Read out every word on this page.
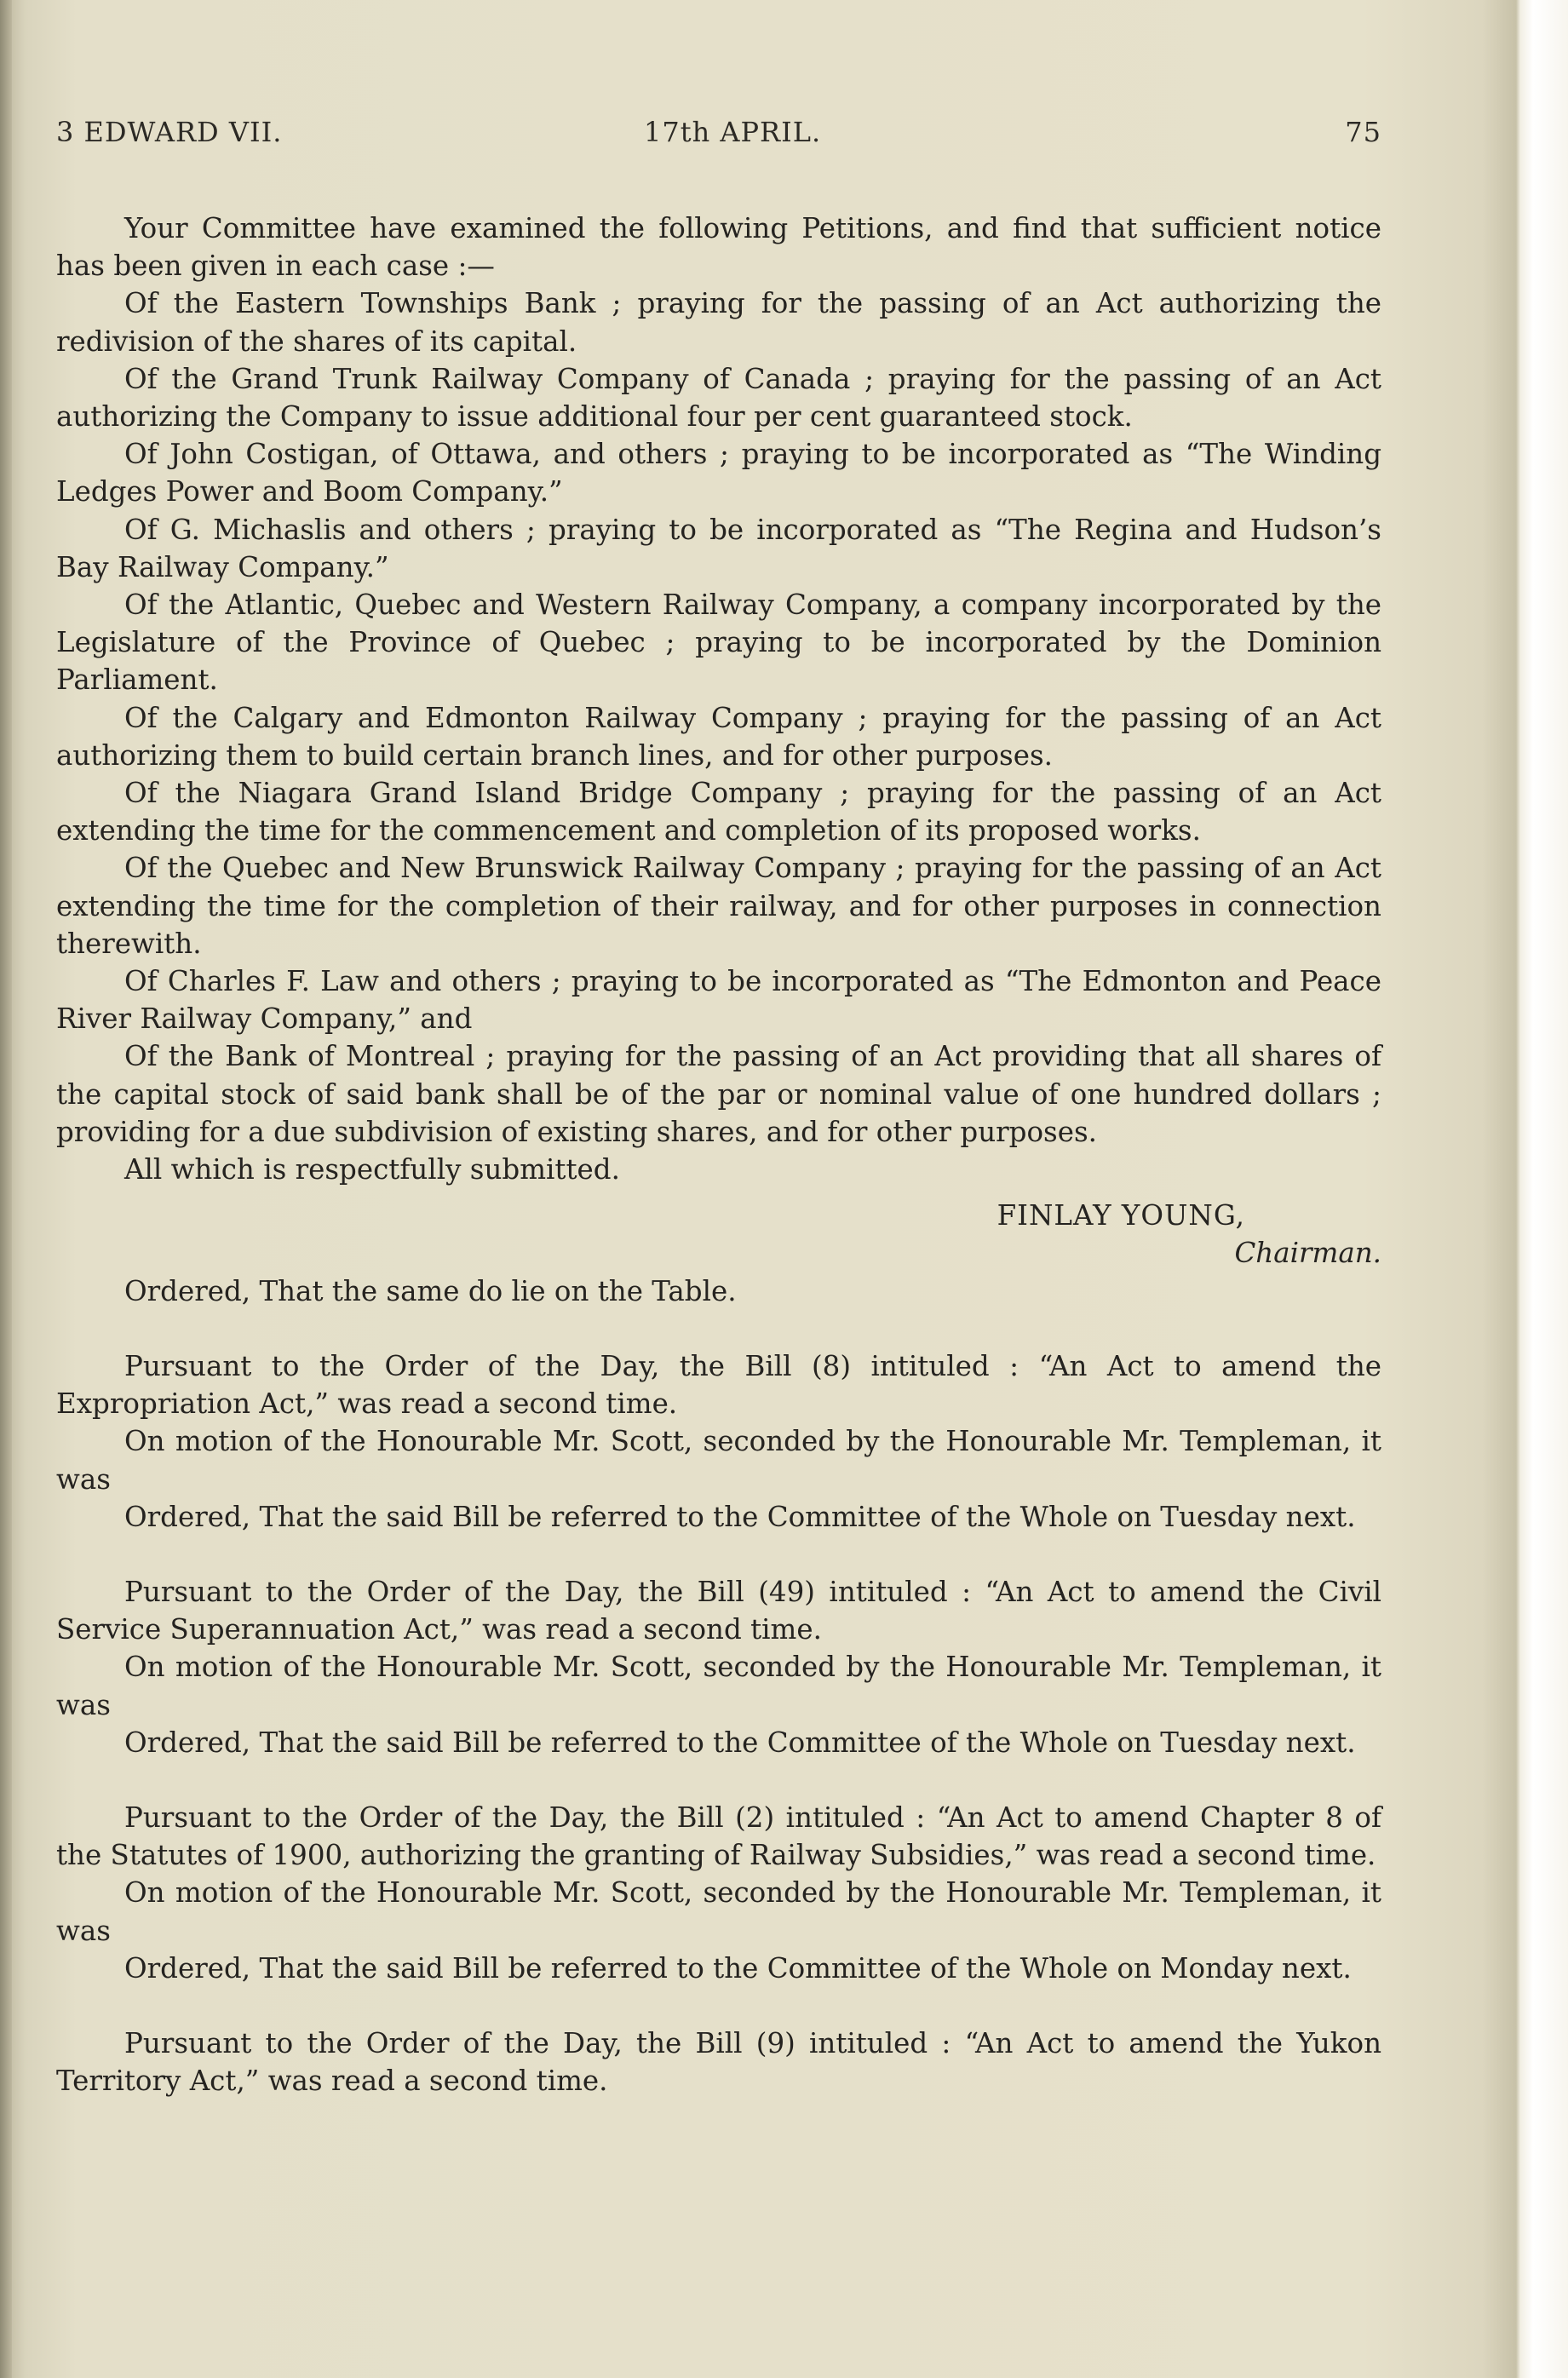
3 EDWARD VII.	17th APRIL.	75

Your Committee have examined the following Petitions, and find that sufficient notice has been given in each case :—

Of the Eastern Townships Bank ; praying for the passing of an Act authorizing the redivision of the shares of its capital.

Of the Grand Trunk Railway Company of Canada ; praying for the passing of an Act authorizing the Company to issue additional four per cent guaranteed stock.

Of John Costigan, of Ottawa, and others ; praying to be incorporated as “The Winding Ledges Power and Boom Company.”

Of G. Michaslis and others ; praying to be incorporated as “The Regina and Hudson’s Bay Railway Company.”

Of the Atlantic, Quebec and Western Railway Company, a company incorporated by the Legislature of the Province of Quebec ; praying to be incorporated by the Dominion Parliament.

Of the Calgary and Edmonton Railway Company ; praying for the passing of an Act authorizing them to build certain branch lines, and for other purposes.

Of the Niagara Grand Island Bridge Company ; praying for the passing of an Act extending the time for the commencement and completion of its proposed works.

Of the Quebec and New Brunswick Railway Company ; praying for the passing of an Act extending the time for the completion of their railway, and for other purposes in connection therewith.

Of Charles F. Law and others ; praying to be incorporated as “The Edmonton and Peace River Railway Company,” and

Of the Bank of Montreal ; praying for the passing of an Act providing that all shares of the capital stock of said bank shall be of the par or nominal value of one hundred dollars ; providing for a due subdivision of existing shares, and for other purposes.

All which is respectfully submitted.

FINLAY YOUNG,
Chairman.

Ordered, That the same do lie on the Table.

Pursuant to the Order of the Day, the Bill (8) intituled : “An Act to amend the Expropriation Act,” was read a second time.

On motion of the Honourable Mr. Scott, seconded by the Honourable Mr. Templeman, it was

Ordered, That the said Bill be referred to the Committee of the Whole on Tuesday next.

Pursuant to the Order of the Day, the Bill (49) intituled : “An Act to amend the Civil Service Superannuation Act,” was read a second time.

On motion of the Honourable Mr. Scott, seconded by the Honourable Mr. Templeman, it was

Ordered, That the said Bill be referred to the Committee of the Whole on Tuesday next.

Pursuant to the Order of the Day, the Bill (2) intituled : “An Act to amend Chapter 8 of the Statutes of 1900, authorizing the granting of Railway Subsidies,” was read a second time.

On motion of the Honourable Mr. Scott, seconded by the Honourable Mr. Templeman, it was

Ordered, That the said Bill be referred to the Committee of the Whole on Monday next.

Pursuant to the Order of the Day, the Bill (9) intituled : “An Act to amend the Yukon Territory Act,” was read a second time.
